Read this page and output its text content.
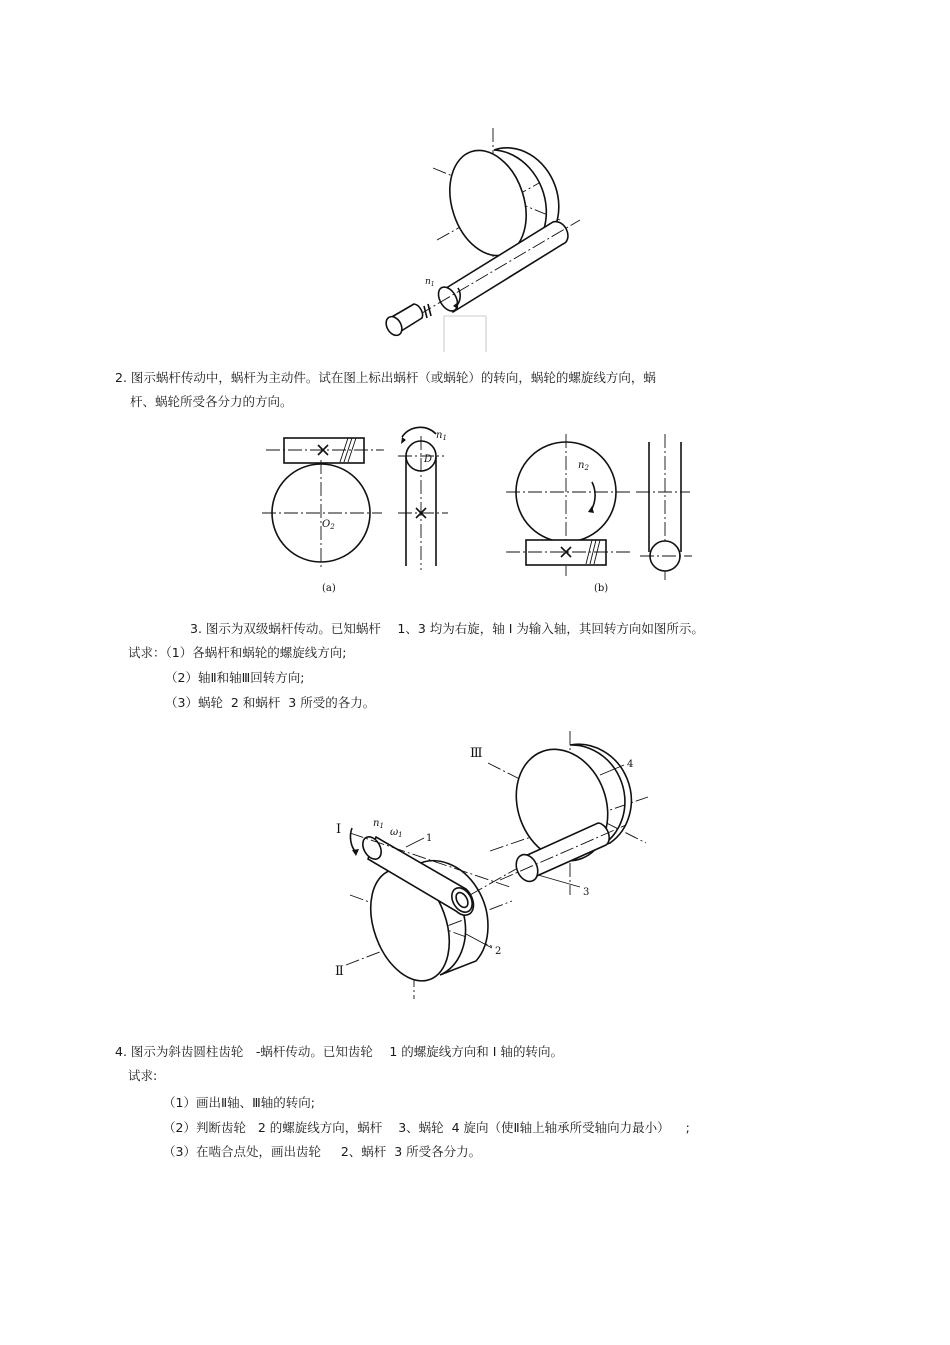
$n_1$
2. 图示蜗杆传动中，蜗杆为主动件。试在图上标出蜗杆（或蜗轮）的转向，蜗轮的螺旋线方向，蜗
杆、蜗轮所受各分力的方向。
$O_2$
$n_1$
D
(a)
$n_2$
(b)
3. 图示为双级蜗杆传动。已知蜗杆　 1、3 均为右旋，轴 I 为输入轴，其回转方向如图所示。
试求：（1）各蜗杆和蜗轮的螺旋线方向;
（2）轴Ⅱ和轴Ⅲ回转方向;
（3）蜗轮  2 和蜗杆  3 所受的各力。
I
Ⅱ
Ⅲ
$n_1$
$\omega_1$ 1
2
3
4
4. 图示为斜齿圆柱齿轮　-蜗杆传动。已知齿轮　 1 的螺旋线方向和 I 轴的转向。
试求:
（1）画出Ⅱ轴、Ⅲ轴的转向;
（2）判断齿轮   2 的螺旋线方向，蜗杆    3、蜗轮  4 旋向（使Ⅱ轴上轴承所受轴向力最小）    ;
（3）在啮合点处，画出齿轮     2、蜗杆  3 所受各分力。
